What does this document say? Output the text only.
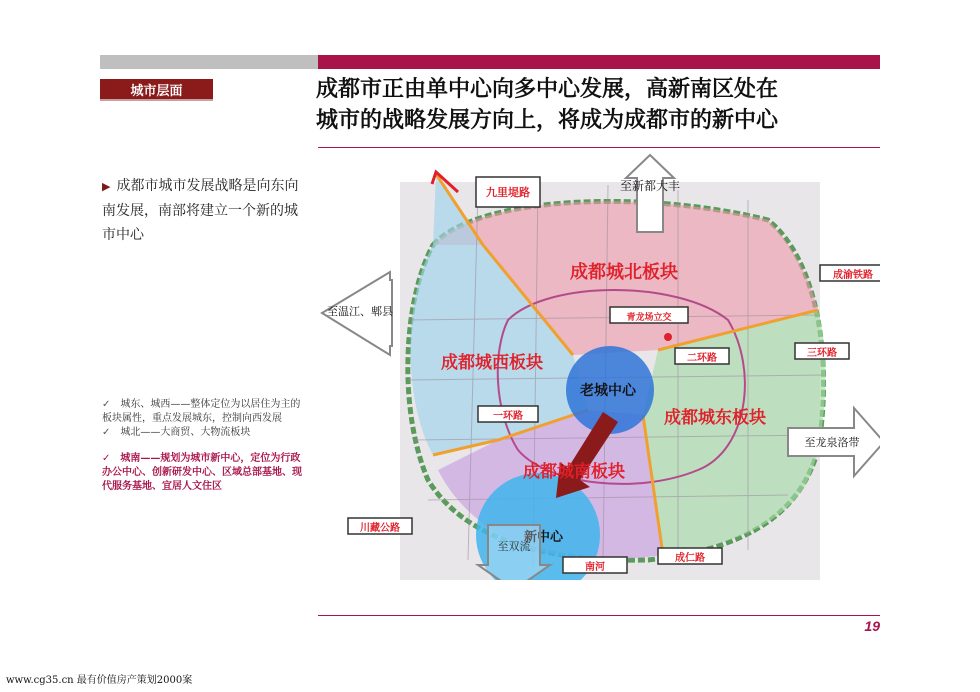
城市层面	成都市正由单中心向多中心发展，高新南区处在
城市的战略发展方向上，将成为成都市的新中心
▶ 成都市城市发展战略是向东向南发展，南部将建立一个新的城市中心
✓ 城东、城西——整体定位为以居住为主的板块属性，重点发展城东，控制向西发展
✓ 城北——大商贸、大物流板块
✓ 城南——规划为城市新中心，定位为行政办公中心、创新研发中心、区域总部基地、现代服务基地、宜居人文住区
成都城北板块
成都城西板块
成都城东板块
成都城南板块
老城中心
新中心
九里堤路
成渝铁路
青龙场立交
二环路	三环路
一环路
川藏公路
南河
成仁路
至新都大丰
至温江、郫县
至龙泉洛带
至双流
19
www.cg35.cn 最有价值房产策划2000案
